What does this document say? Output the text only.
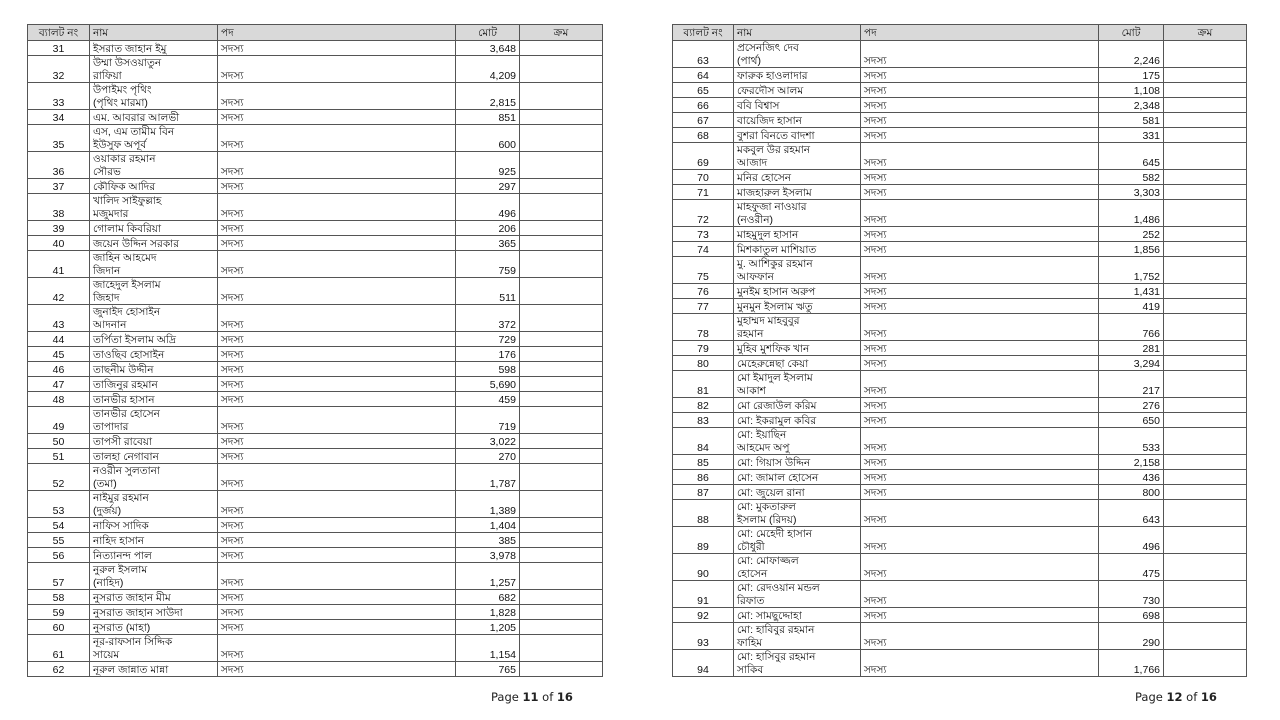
ব্যালট নং	নাম	পদ	মোট	ক্রম
31	ইসরাত জাহান ইমু	সদস্য	3,648	
32	উম্মা উসওয়াতুন
রাফিয়া	সদস্য	4,209	
33	উপাইমং পৃথিং
(পৃথিং মারমা)	সদস্য	2,815	
34	এম. আবরার আলভী	সদস্য	851	
35	এস, এম তামীম বিন
ইউসুফ অপূর্ব	সদস্য	600	
36	ওয়াকার রহমান
সৌরভ	সদস্য	925	
37	কৌফিক আদির	সদস্য	297	
38	খালিদ সাইফুল্লাহ
মজুমদার	সদস্য	496	
39	গোলাম কিবরিয়া	সদস্য	206	
40	জয়েন উদ্দিন সরকার	সদস্য	365	
41	জাহিন আহমেদ
জিদান	সদস্য	759	
42	জাহেদুল ইসলাম
জিহাদ	সদস্য	511	
43	জুনাইদ হোসাইন
আদনান	সদস্য	372	
44	তর্পিতা ইসলাম অদ্রি	সদস্য	729	
45	তাওছিব হোসাইন	সদস্য	176	
46	তাছনীম উদ্দীন	সদস্য	598	
47	তাজিনুর রহমান	সদস্য	5,690	
48	তানভীর হাসান	সদস্য	459	
49	তানভীর হোসেন
তাপাদার	সদস্য	719	
50	তাপসী রাবেয়া	সদস্য	3,022	
51	তালহা নেগাবান	সদস্য	270	
52	নওরীন সুলতানা
(তমা)	সদস্য	1,787	
53	নাইমুর রহমান
(দুর্জয়)	সদস্য	1,389	
54	নাফিস সাদিক	সদস্য	1,404	
55	নাহিদ হাসান	সদস্য	385	
56	নিত্যানন্দ পাল	সদস্য	3,978	
57	নুরুল ইসলাম
(নাহিদ)	সদস্য	1,257	
58	নুসরাত জাহান মীম	সদস্য	682	
59	নুসরাত জাহান সাউদা	সদস্য	1,828	
60	নুসরাত (মাহা)	সদস্য	1,205	
61	নূর-রাফসান সিদ্দিক
সায়েম	সদস্য	1,154	
62	নূরুল জান্নাত মান্না	সদস্য	765	
Page 11 of 16
ব্যালট নং	নাম	পদ	মোট	ক্রম
63	প্রসেনজিৎ দেব
(পার্থ)	সদস্য	2,246	
64	ফারুক হাওলাদার	সদস্য	175	
65	ফেরদৌস আলম	সদস্য	1,108	
66	ববি বিশ্বাস	সদস্য	2,348	
67	বায়েজিদ হাসান	সদস্য	581	
68	বুশরা বিনতে বাদশা	সদস্য	331	
69	মকবুল উর রহমান
আজাদ	সদস্য	645	
70	মনির হোসেন	সদস্য	582	
71	মাজহারুল ইসলাম	সদস্য	3,303	
72	মাহফুজা নাওয়ার
(নওরীন)	সদস্য	1,486	
73	মাহমুদুল হাসান	সদস্য	252	
74	মিশকাতুল মাশিয়াত	সদস্য	1,856	
75	মু. আশিকুর রহমান
আফফান	সদস্য	1,752	
76	মুনইম হাসান অরুপ	সদস্য	1,431	
77	মুনমুন ইসলাম ঋতু	সদস্য	419	
78	মুহাম্মদ মাহবুবুর
রহমান	সদস্য	766	
79	মুহিব মুশফিক খান	সদস্য	281	
80	মেহেরুন্নেছা কেয়া	সদস্য	3,294	
81	মো ইমাদুল ইসলাম
আকাশ	সদস্য	217	
82	মো রেজাউল করিম	সদস্য	276	
83	মো: ইকরামুল কবির	সদস্য	650	
84	মো: ইয়াছিন
আহমেদ অপু	সদস্য	533	
85	মো: গিয়াস উদ্দিন	সদস্য	2,158	
86	মো: জামাল হোসেন	সদস্য	436	
87	মো: জুয়েল রানা	সদস্য	800	
88	মো: মুকতারুল
ইসলাম (রিদয়)	সদস্য	643	
89	মো: মেহেদী হাসান
চৌধুরী	সদস্য	496	
90	মো: মোফাজ্জল
হোসেন	সদস্য	475	
91	মো: রেদওয়ান মন্ডল
রিফাত	সদস্য	730	
92	মো: সামছুদ্দোহা	সদস্য	698	
93	মো: হাবিবুর রহমান
ফাহিম	সদস্য	290	
94	মো: হাসিবুর রহমান
সাকিব	সদস্য	1,766	
Page 12 of 16
